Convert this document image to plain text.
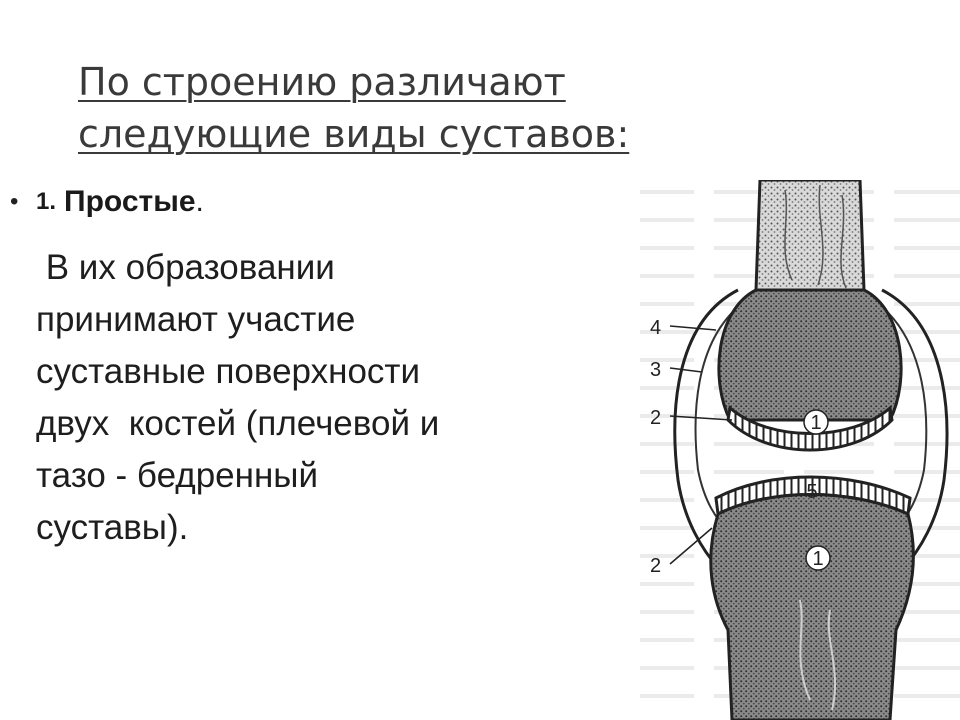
По строению различают
следующие виды суставов:
• 1. Простые .

В их образовании
принимают участие
суставные поверхности
двух  костей (плечевой и
тазо - бедренный
суставы).

1
1
5
4
3
2
2
